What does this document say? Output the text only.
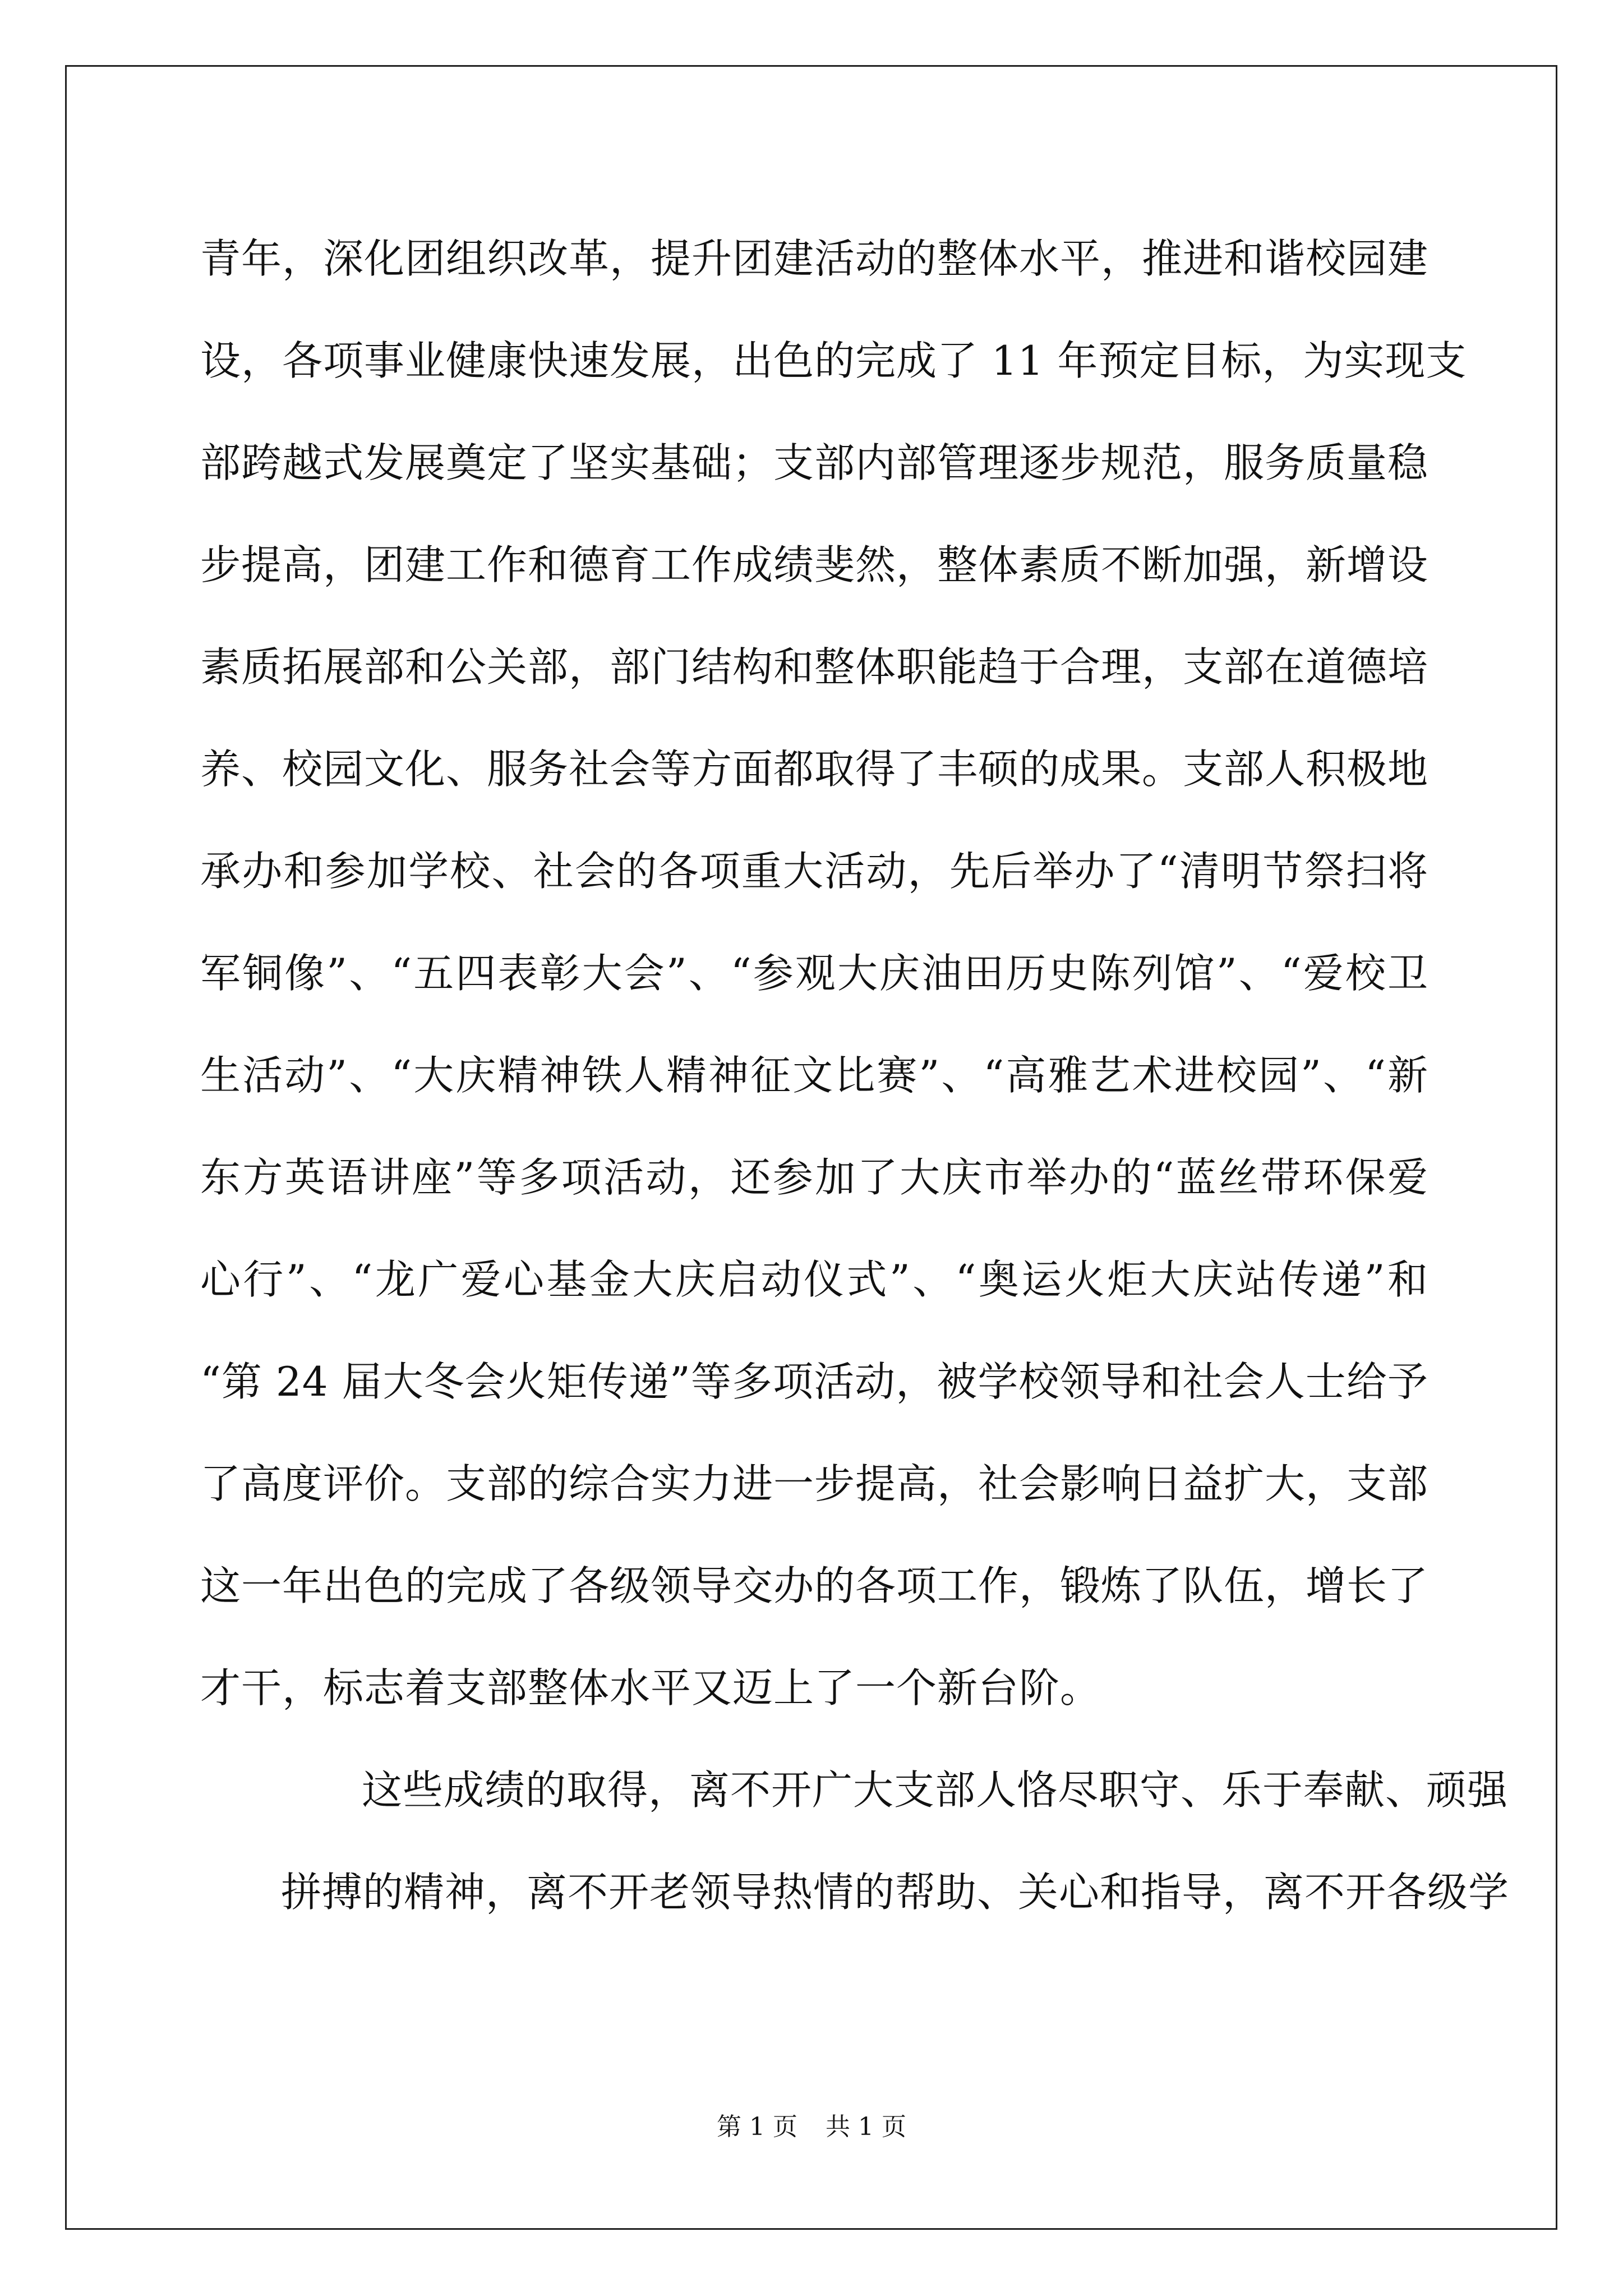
青年，深化团组织改革，提升团建活动的整体水平，推进和谐校园建
设，各项事业健康快速发展，出色的完成了 11 年预定目标，为实现支
部跨越式发展奠定了坚实基础；支部内部管理逐步规范，服务质量稳
步提高，团建工作和德育工作成绩斐然，整体素质不断加强，新增设
素质拓展部和公关部，部门结构和整体职能趋于合理，支部在道德培
养、校园文化、服务社会等方面都取得了丰硕的成果。支部人积极地
承办和参加学校、社会的各项重大活动，先后举办了“清明节祭扫将
军铜像”、“五四表彰大会”、“参观大庆油田历史陈列馆”、“爱校卫
生活动”、“大庆精神铁人精神征文比赛”、“高雅艺术进校园”、“新
东方英语讲座”等多项活动，还参加了大庆市举办的“蓝丝带环保爱
心行”、“龙广爱心基金大庆启动仪式”、“奥运火炬大庆站传递”和
“第 24 届大冬会火矩传递”等多项活动，被学校领导和社会人士给予
了高度评价。支部的综合实力进一步提高，社会影响日益扩大，支部
这一年出色的完成了各级领导交办的各项工作，锻炼了队伍，增长了
才干，标志着支部整体水平又迈上了一个新台阶。
这些成绩的取得，离不开广大支部人恪尽职守、乐于奉献、顽强
拼搏的精神，离不开老领导热情的帮助、关心和指导，离不开各级学
第 1 页 共 1 页
